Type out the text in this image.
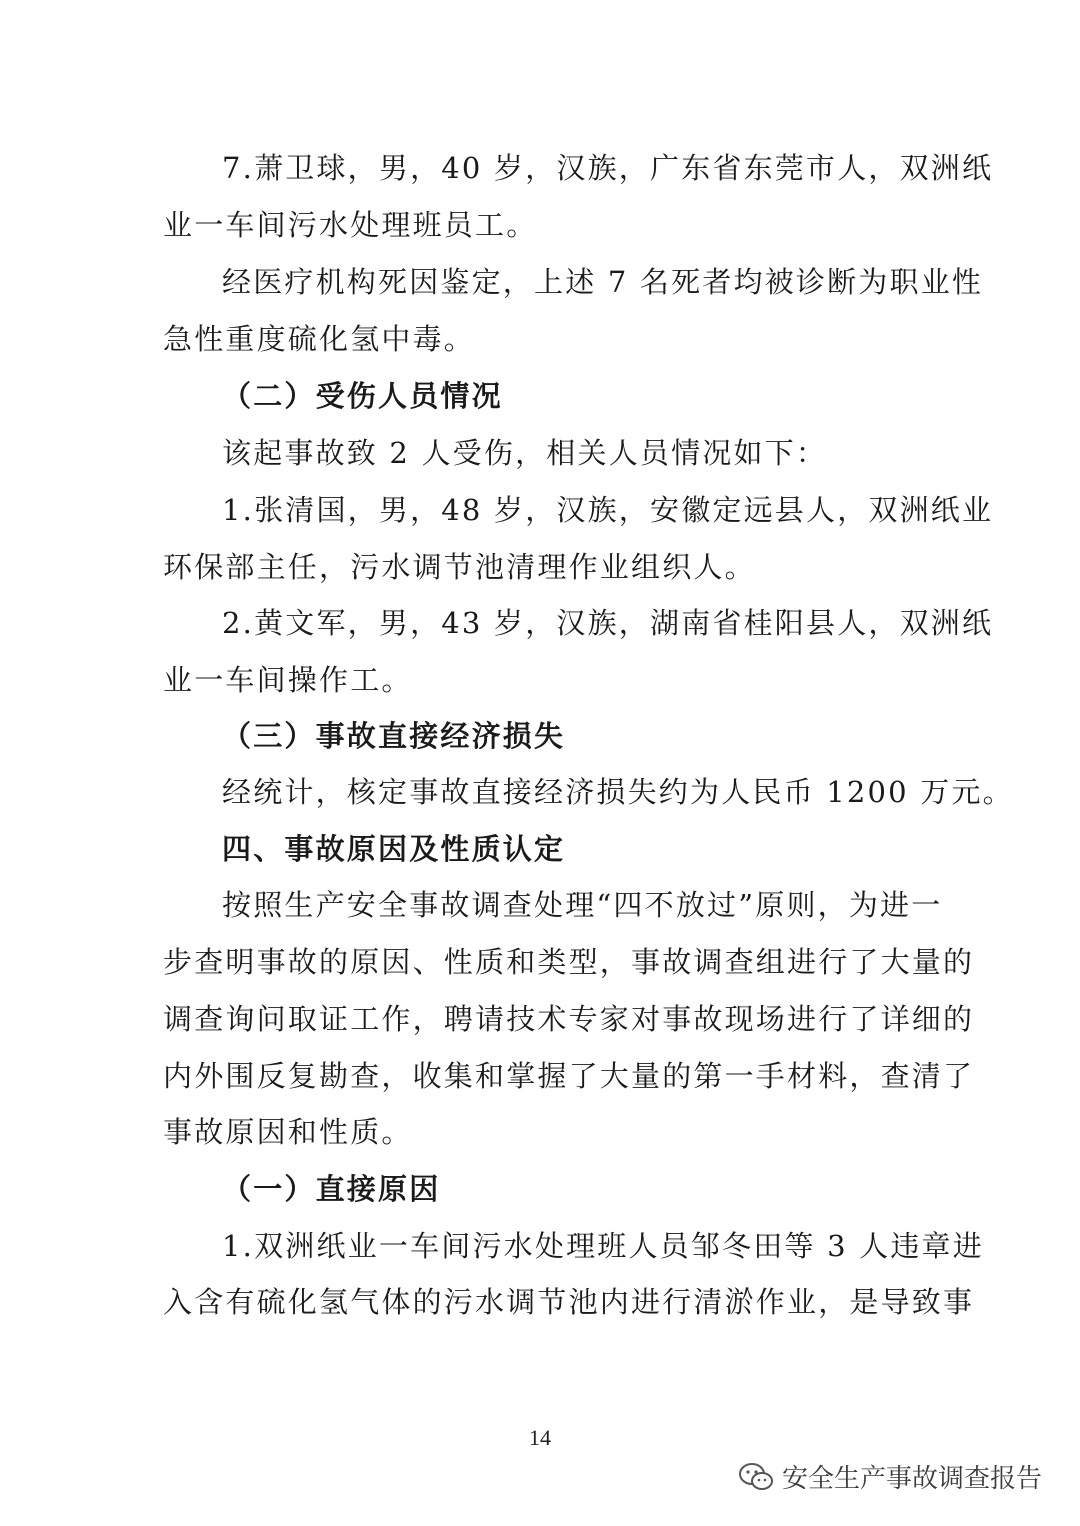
7.萧卫球，男，40 岁，汉族，广东省东莞市人，双洲纸
业一车间污水处理班员工。
经医疗机构死因鉴定，上述 7 名死者均被诊断为职业性
急性重度硫化氢中毒。
（二）受伤人员情况
该起事故致 2 人受伤，相关人员情况如下：
1.张清国，男，48 岁，汉族，安徽定远县人，双洲纸业
环保部主任，污水调节池清理作业组织人。
2.黄文军，男，43 岁，汉族，湖南省桂阳县人，双洲纸
业一车间操作工。
（三）事故直接经济损失
经统计，核定事故直接经济损失约为人民币 1200 万元。
四、事故原因及性质认定
按照生产安全事故调查处理“四不放过”原则，为进一
步查明事故的原因、性质和类型，事故调查组进行了大量的
调查询问取证工作，聘请技术专家对事故现场进行了详细的
内外围反复勘查，收集和掌握了大量的第一手材料，查清了
事故原因和性质。
（一）直接原因
1.双洲纸业一车间污水处理班人员邹冬田等 3 人违章进
入含有硫化氢气体的污水调节池内进行清淤作业，是导致事
14
安全生产事故调查报告
